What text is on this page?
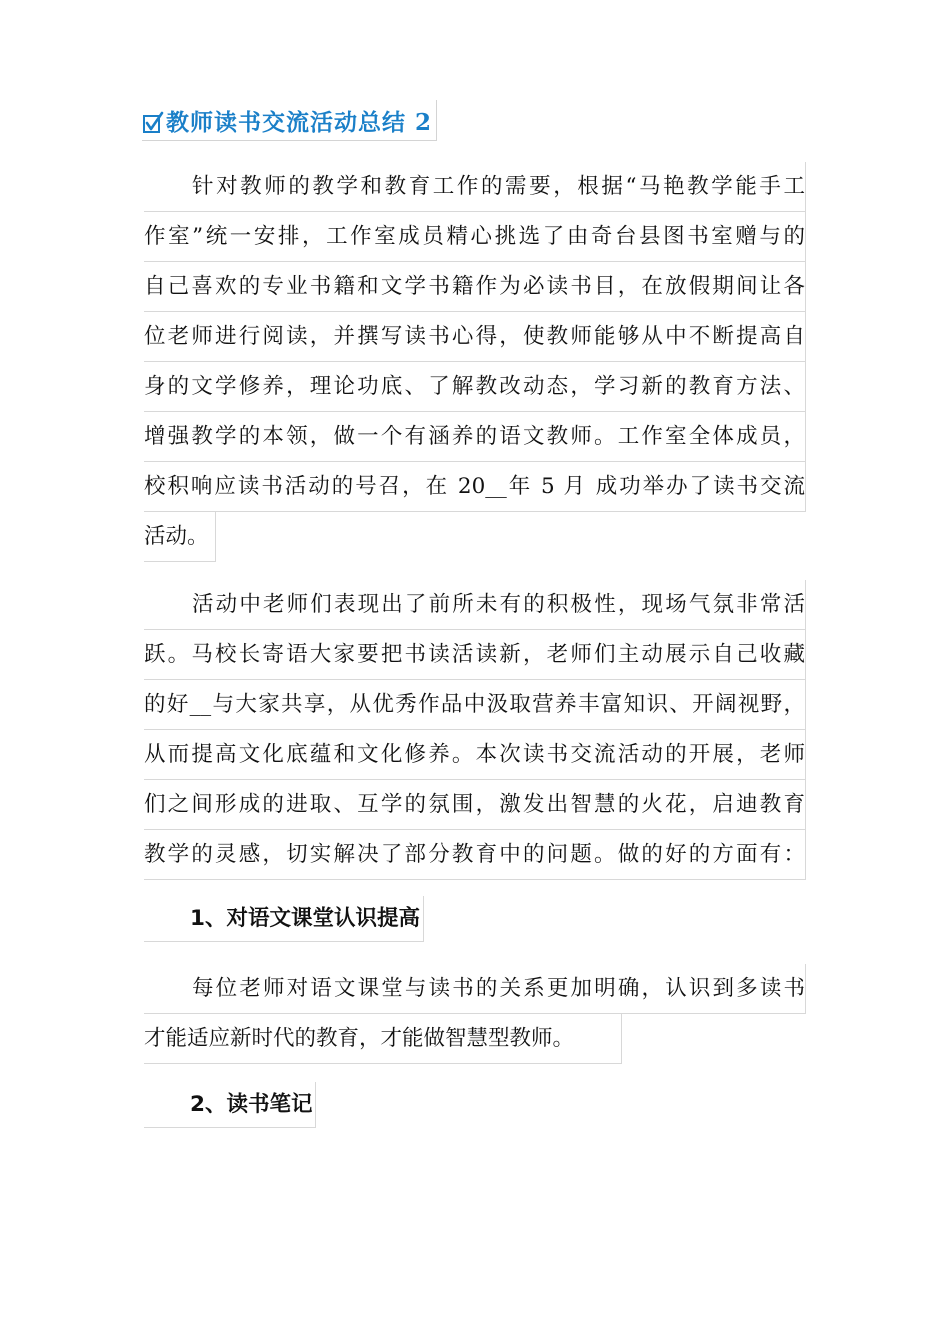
教师读书交流活动总结 2
针对教师的教学和教育工作的需要，根据“马艳教学能手工
作室”统一安排，工作室成员精心挑选了由奇台县图书室赠与的
自己喜欢的专业书籍和文学书籍作为必读书目，在放假期间让各
位老师进行阅读，并撰写读书心得，使教师能够从中不断提高自
身的文学修养，理论功底、了解教改动态，学习新的教育方法、
增强教学的本领，做一个有涵养的语文教师。工作室全体成员，
校积响应读书活动的号召，在 20__年 5 月 成功举办了读书交流
活动。
活动中老师们表现出了前所未有的积极性，现场气氛非常活
跃。马校长寄语大家要把书读活读新，老师们主动展示自己收藏
的好__与大家共享，从优秀作品中汲取营养丰富知识、开阔视野，
从而提高文化底蕴和文化修养。本次读书交流活动的开展，老师
们之间形成的进取、互学的氛围，激发出智慧的火花，启迪教育
教学的灵感，切实解决了部分教育中的问题。做的好的方面有：
1、对语文课堂认识提高
每位老师对语文课堂与读书的关系更加明确，认识到多读书
才能适应新时代的教育，才能做智慧型教师。
2、读书笔记
